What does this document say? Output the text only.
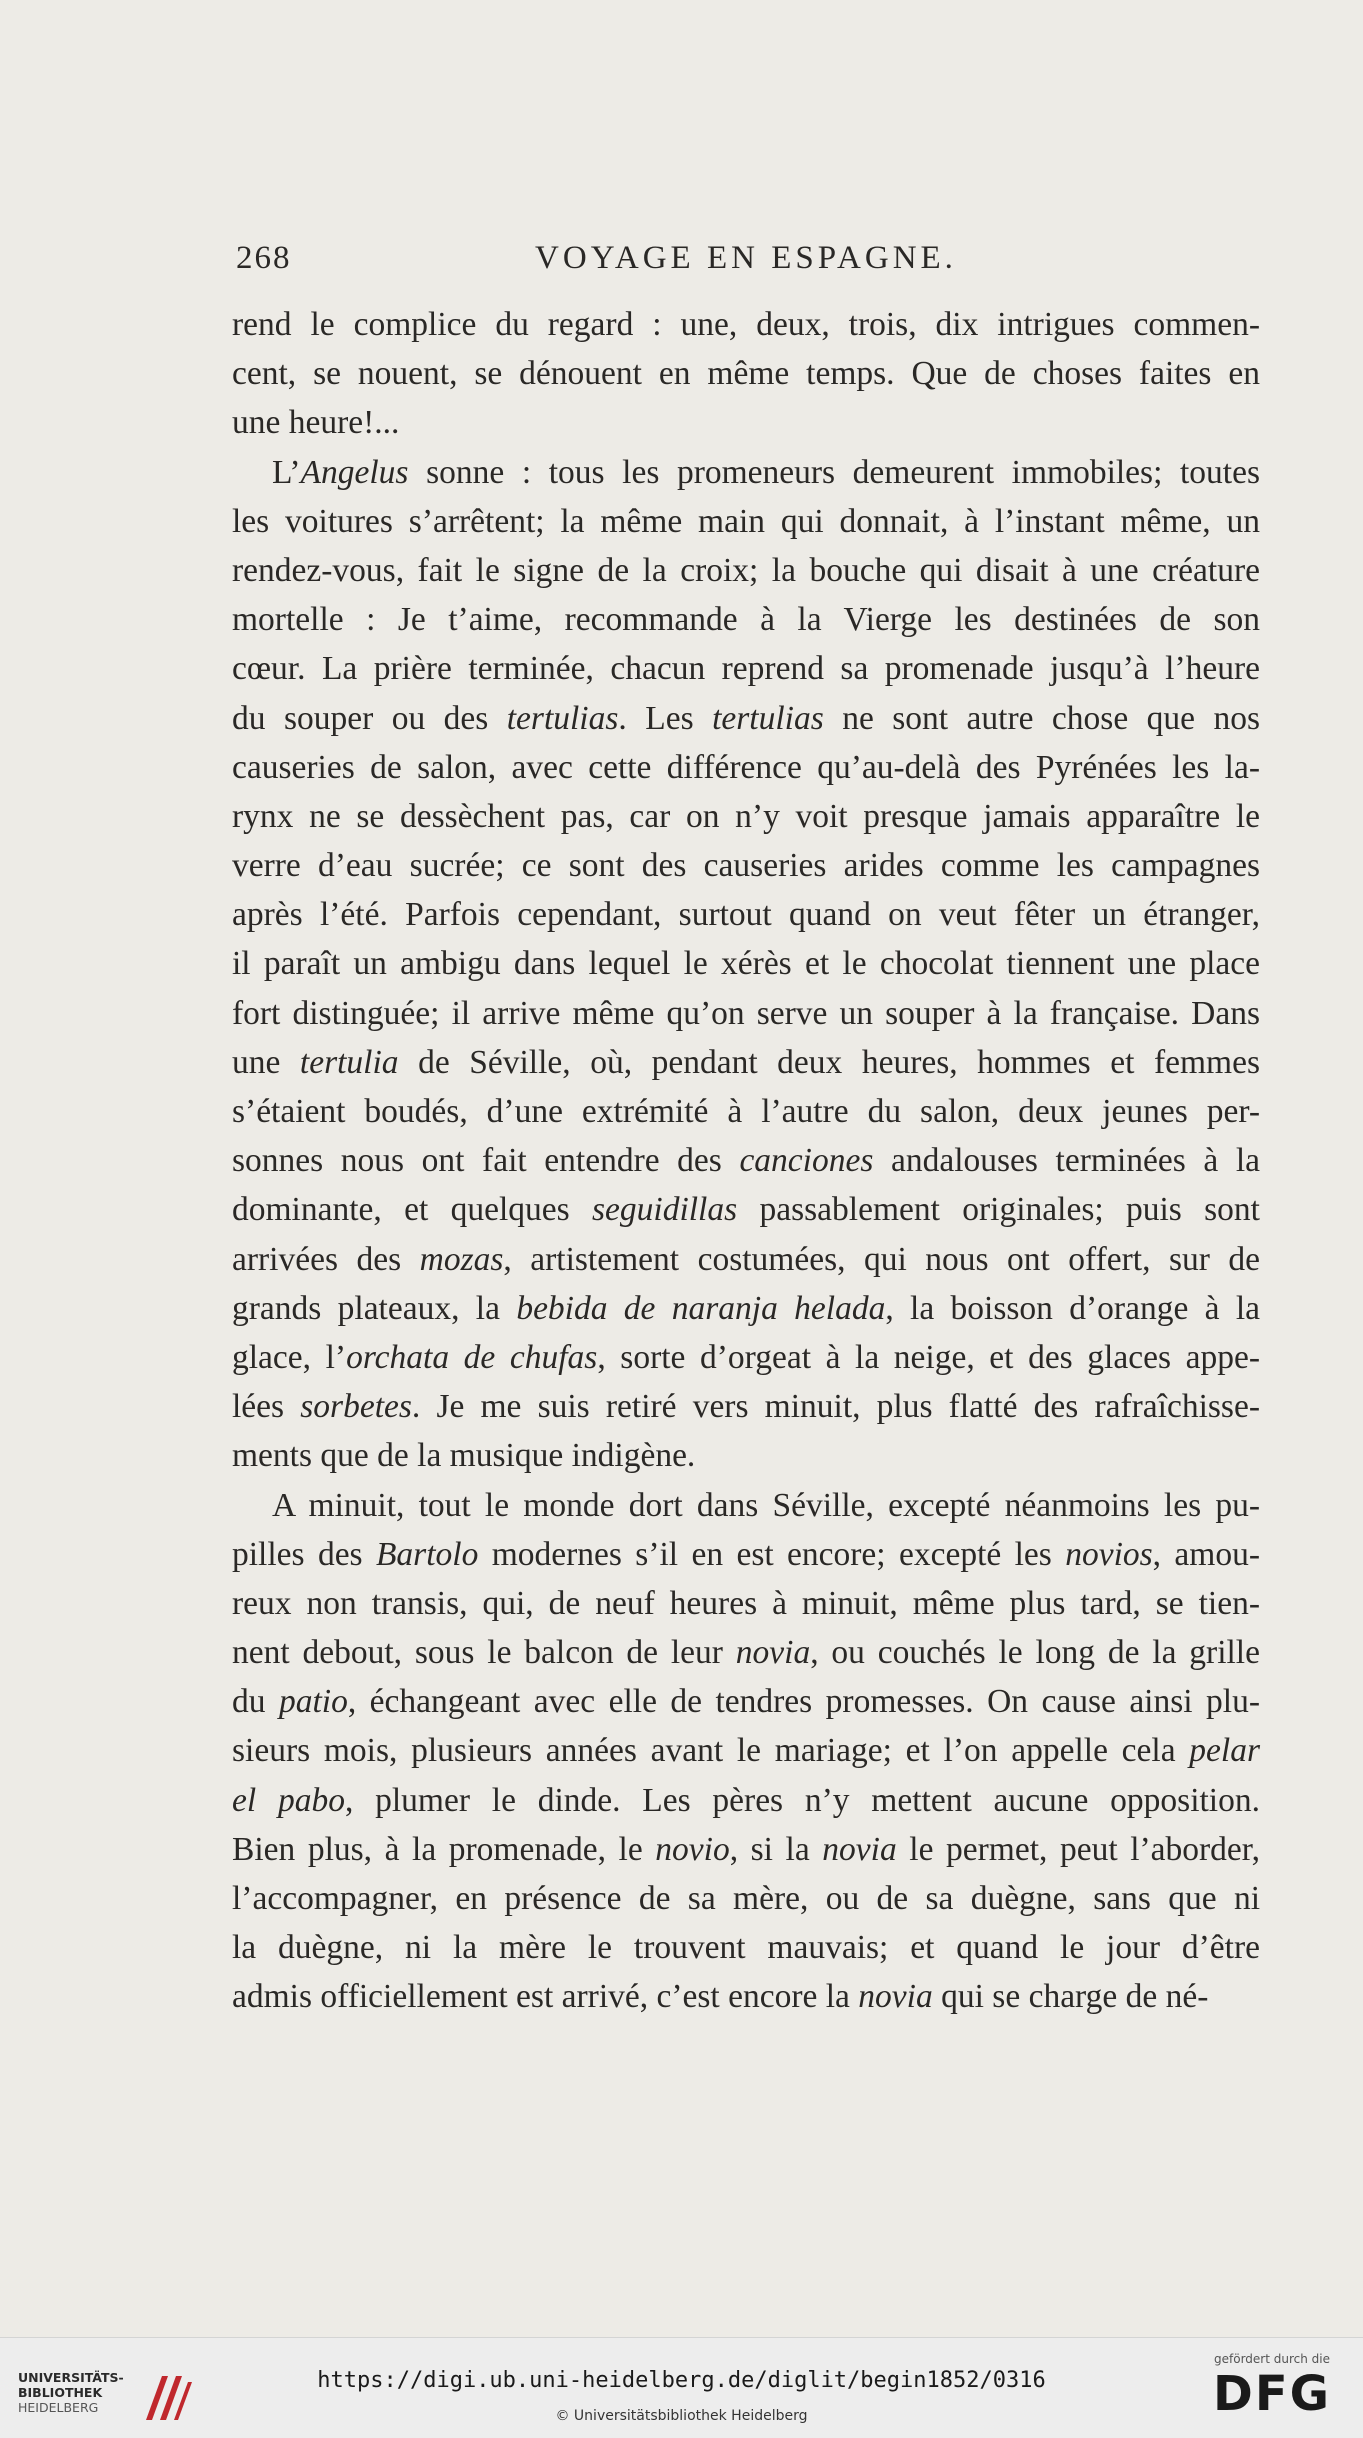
268	VOYAGE EN ESPAGNE.
rend le complice du regard : une, deux, trois, dix intrigues commen-
cent, se nouent, se dénouent en même temps. Que de choses faites en
une heure!...
L’Angelus sonne : tous les promeneurs demeurent immobiles; toutes
les voitures s’arrêtent; la même main qui donnait, à l’instant même, un
rendez-vous, fait le signe de la croix; la bouche qui disait à une créature
mortelle : Je t’aime, recommande à la Vierge les destinées de son
cœur. La prière terminée, chacun reprend sa promenade jusqu’à l’heure
du souper ou des tertulias. Les tertulias ne sont autre chose que nos
causeries de salon, avec cette différence qu’au-delà des Pyrénées les la-
rynx ne se dessèchent pas, car on n’y voit presque jamais apparaître le
verre d’eau sucrée; ce sont des causeries arides comme les campagnes
après l’été. Parfois cependant, surtout quand on veut fêter un étranger,
il paraît un ambigu dans lequel le xérès et le chocolat tiennent une place
fort distinguée; il arrive même qu’on serve un souper à la française. Dans
une tertulia de Séville, où, pendant deux heures, hommes et femmes
s’étaient boudés, d’une extrémité à l’autre du salon, deux jeunes per-
sonnes nous ont fait entendre des canciones andalouses terminées à la
dominante, et quelques seguidillas passablement originales; puis sont
arrivées des mozas, artistement costumées, qui nous ont offert, sur de
grands plateaux, la bebida de naranja helada, la boisson d’orange à la
glace, l’orchata de chufas, sorte d’orgeat à la neige, et des glaces appe-
lées sorbetes. Je me suis retiré vers minuit, plus flatté des rafraîchisse-
ments que de la musique indigène.
A minuit, tout le monde dort dans Séville, excepté néanmoins les pu-
pilles des Bartolo modernes s’il en est encore; excepté les novios, amou-
reux non transis, qui, de neuf heures à minuit, même plus tard, se tien-
nent debout, sous le balcon de leur novia, ou couchés le long de la grille
du patio, échangeant avec elle de tendres promesses. On cause ainsi plu-
sieurs mois, plusieurs années avant le mariage; et l’on appelle cela pelar
el pabo, plumer le dinde. Les pères n’y mettent aucune opposition.
Bien plus, à la promenade, le novio, si la novia le permet, peut l’aborder,
l’accompagner, en présence de sa mère, ou de sa duègne, sans que ni
la duègne, ni la mère le trouvent mauvais; et quand le jour d’être
admis officiellement est arrivé, c’est encore la novia qui se charge de né-
UNIVERSITÄTS-
BIBLIOTHEK
HEIDELBERG
https://digi.ub.uni-heidelberg.de/diglit/begin1852/0316
© Universitätsbibliothek Heidelberg
gefördert durch die
DFG
